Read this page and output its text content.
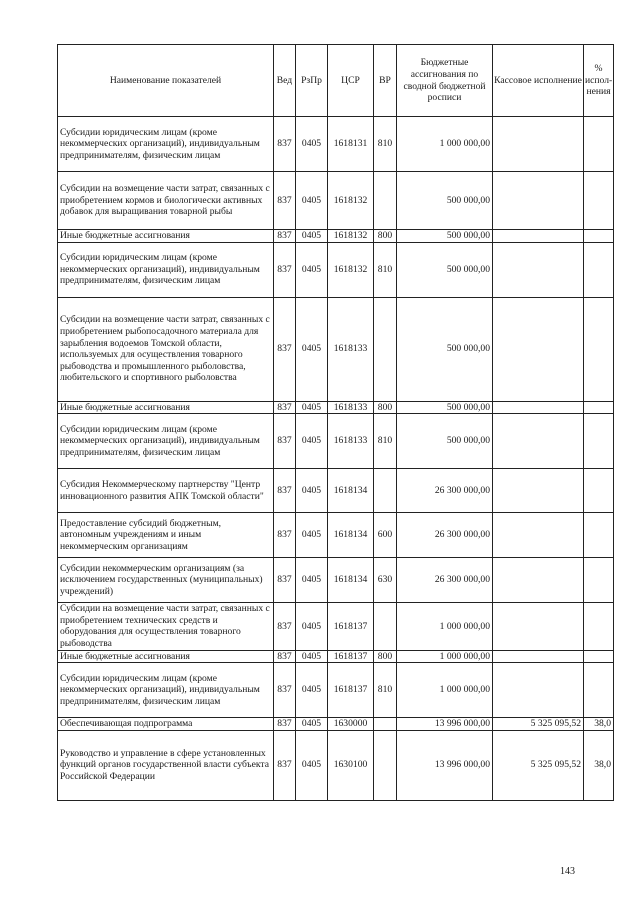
Наименование показателей	Вед	РзПр	ЦСР	ВР	Бюджетные ассигнования по сводной бюджетной росписи	Кассовое исполнение	% испол-нения
Субсидии юридическим лицам (кроме некоммерческих организаций), индивидуальным предпринимателям, физическим лицам	837	0405	1618131	810	1 000 000,00		
Субсидии на возмещение части затрат, связанных с приобретением кормов и биологически активных добавок для выращивания товарной рыбы	837	0405	1618132		500 000,00		
Иные бюджетные ассигнования	837	0405	1618132	800	500 000,00		
Субсидии юридическим лицам (кроме некоммерческих организаций), индивидуальным предпринимателям, физическим лицам	837	0405	1618132	810	500 000,00		
Субсидии на возмещение части затрат, связанных с приобретением рыбопосадочного материала для зарыбления водоемов Томской области, используемых для осуществления товарного рыбоводства и промышленного рыболовства, любительского и спортивного рыболовства	837	0405	1618133		500 000,00		
Иные бюджетные ассигнования	837	0405	1618133	800	500 000,00		
Субсидии юридическим лицам (кроме некоммерческих организаций), индивидуальным предпринимателям, физическим лицам	837	0405	1618133	810	500 000,00		
Субсидия Некоммерческому партнерству "Центр инновационного развития АПК Томской области"	837	0405	1618134		26 300 000,00		
Предоставление субсидий бюджетным, автономным учреждениям и иным некоммерческим организациям	837	0405	1618134	600	26 300 000,00		
Субсидии некоммерческим организациям (за исключением государственных (муниципальных) учреждений)	837	0405	1618134	630	26 300 000,00		
Субсидии на возмещение части затрат, связанных с приобретением технических средств и оборудования для осуществления товарного рыбоводства	837	0405	1618137		1 000 000,00		
Иные бюджетные ассигнования	837	0405	1618137	800	1 000 000,00		
Субсидии юридическим лицам (кроме некоммерческих организаций), индивидуальным предпринимателям, физическим лицам	837	0405	1618137	810	1 000 000,00		
Обеспечивающая подпрограмма	837	0405	1630000		13 996 000,00	5 325 095,52	38,0
Руководство и управление в сфере установленных функций органов государственной власти субъекта Российской Федерации	837	0405	1630100		13 996 000,00	5 325 095,52	38,0
143
